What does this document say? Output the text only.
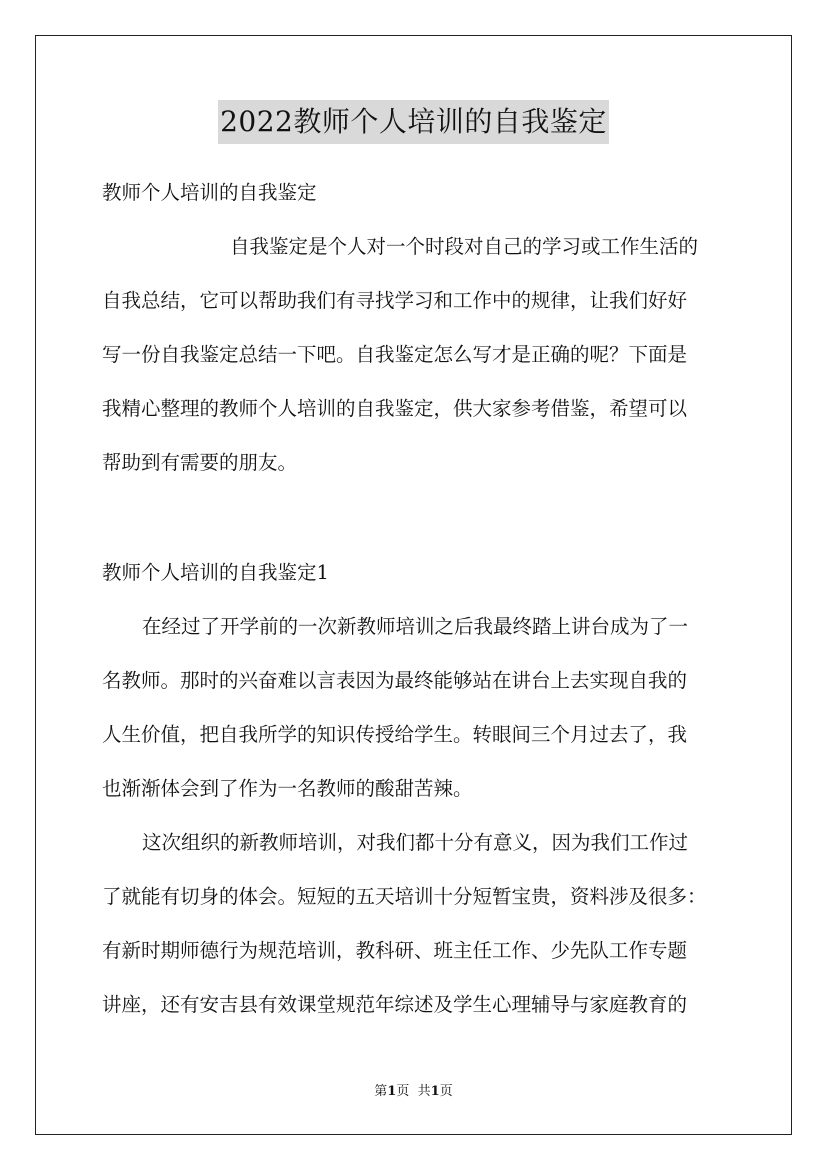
2022教师个人培训的自我鉴定
教师个人培训的自我鉴定
自我鉴定是个人对一个时段对自己的学习或工作生活的
自我总结，它可以帮助我们有寻找学习和工作中的规律，让我们好好
写一份自我鉴定总结一下吧。自我鉴定怎么写才是正确的呢？下面是
我精心整理的教师个人培训的自我鉴定，供大家参考借鉴，希望可以
帮助到有需要的朋友。
教师个人培训的自我鉴定1
在经过了开学前的一次新教师培训之后我最终踏上讲台成为了一
名教师。那时的兴奋难以言表因为最终能够站在讲台上去实现自我的
人生价值，把自我所学的知识传授给学生。转眼间三个月过去了，我
也渐渐体会到了作为一名教师的酸甜苦辣。
这次组织的新教师培训，对我们都十分有意义，因为我们工作过
了就能有切身的体会。短短的五天培训十分短暂宝贵，资料涉及很多：
有新时期师德行为规范培训，教科研、班主任工作、少先队工作专题
讲座，还有安吉县有效课堂规范年综述及学生心理辅导与家庭教育的
第1页 共1页
